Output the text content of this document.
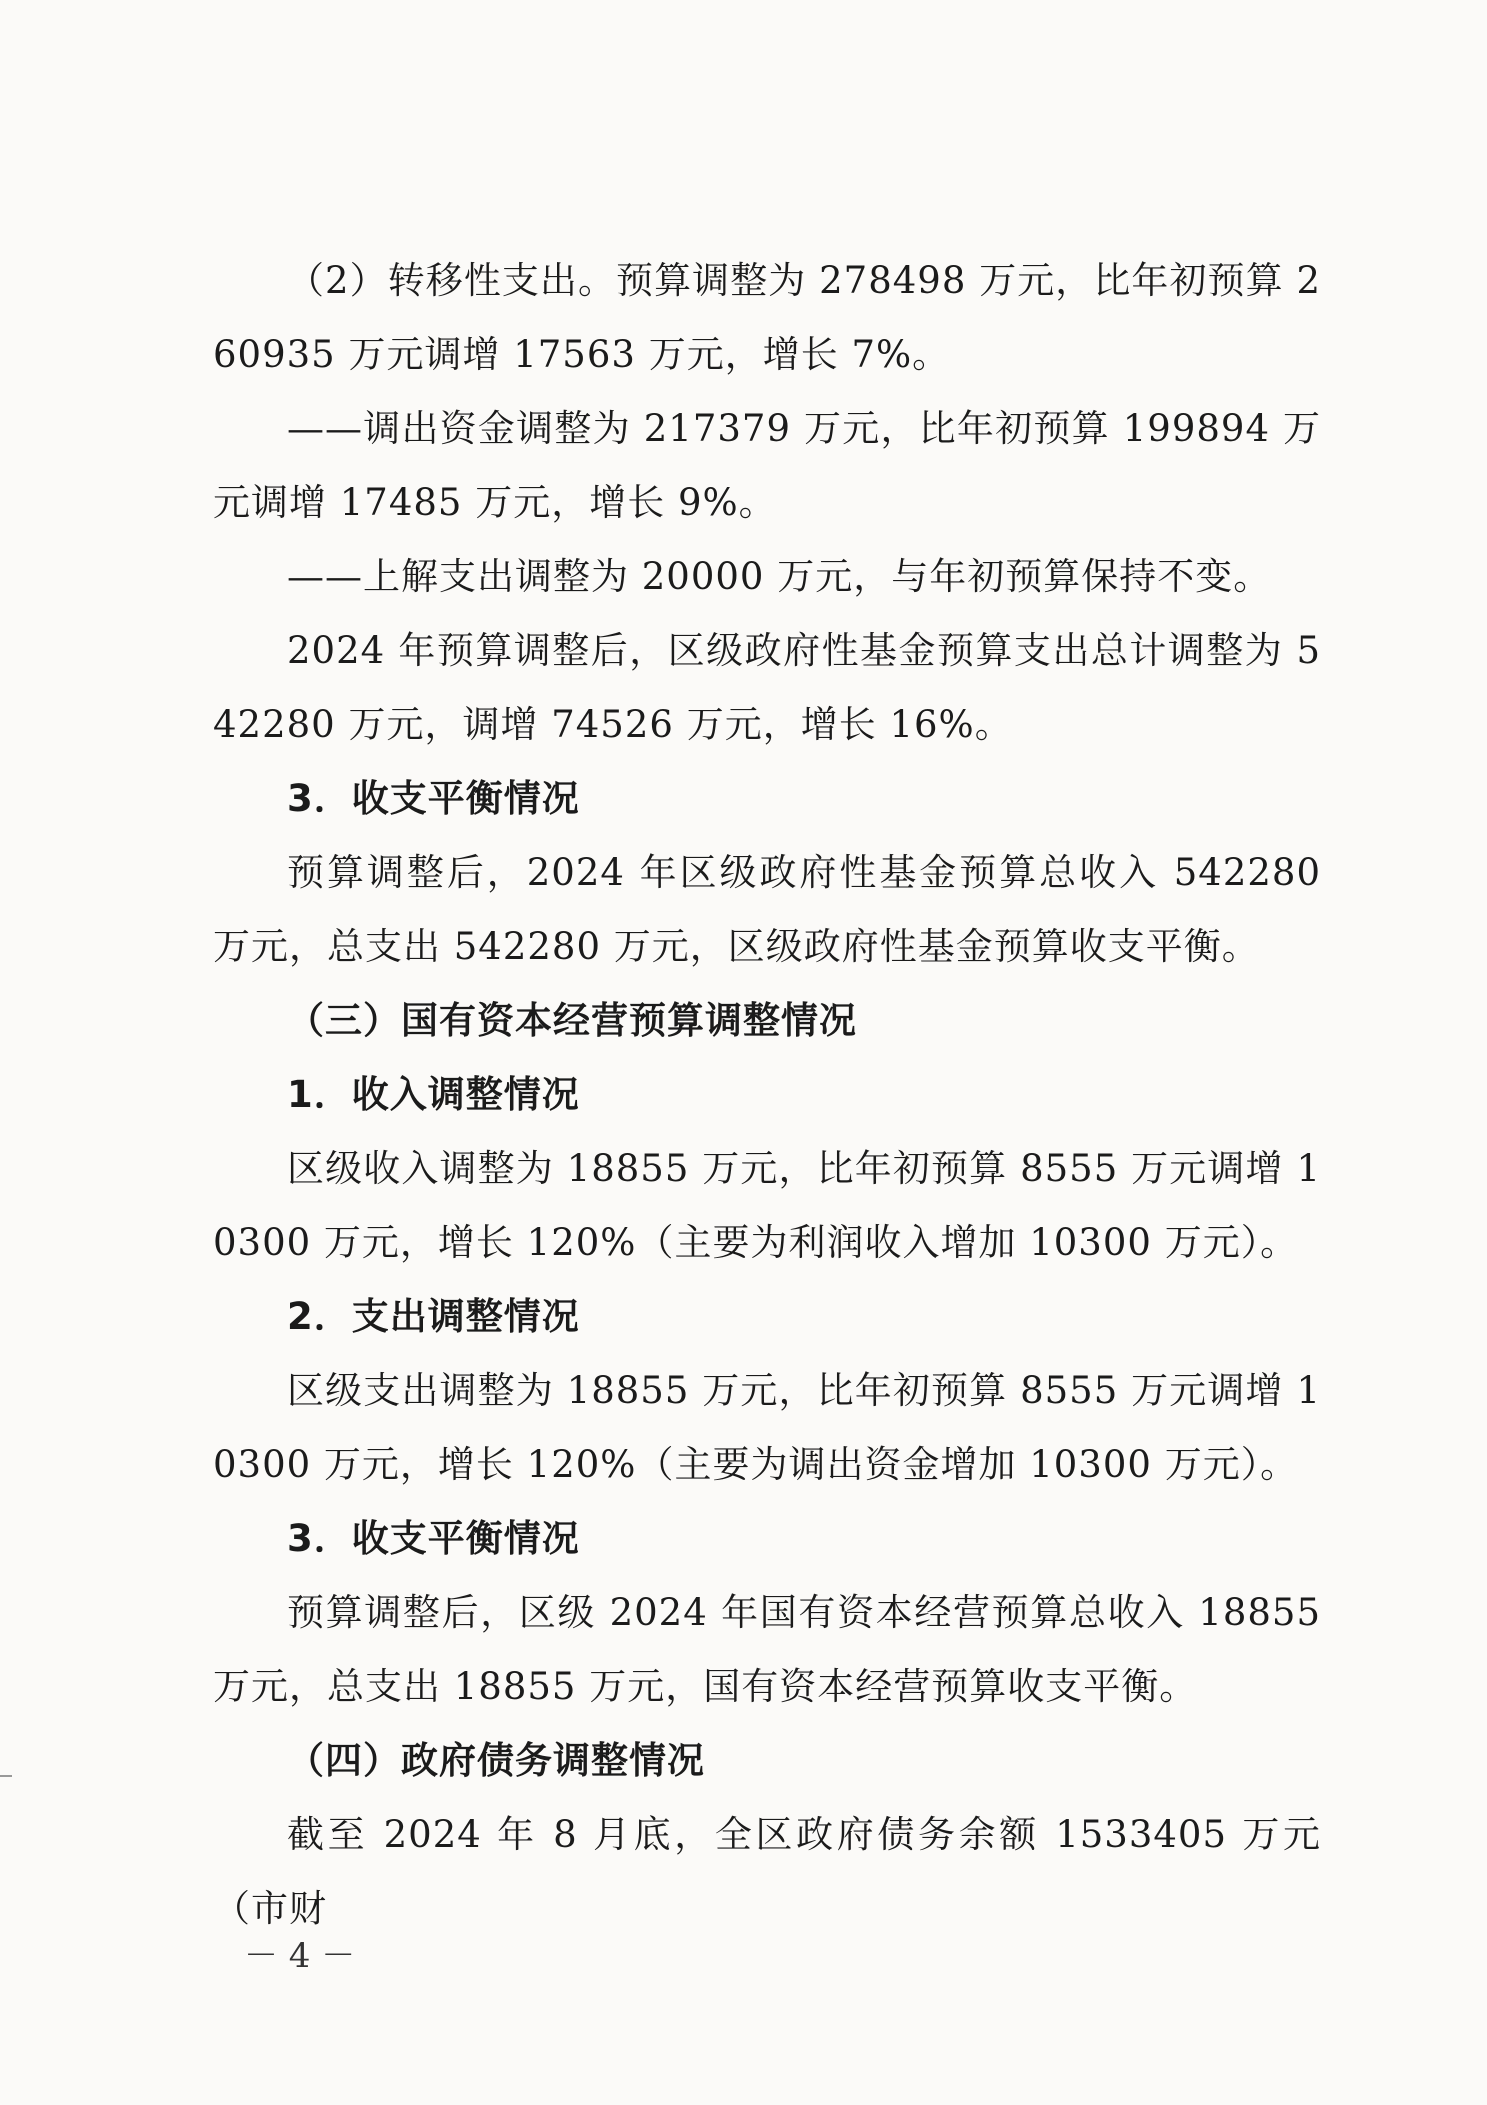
（2）转移性支出。预算调整为 278498 万元，比年初预算 260935 万元调增 17563 万元，增长 7%。

——调出资金调整为 217379 万元，比年初预算 199894 万元调增 17485 万元，增长 9%。

——上解支出调整为 20000 万元，与年初预算保持不变。

2024 年预算调整后，区级政府性基金预算支出总计调整为 542280 万元，调增 74526 万元，增长 16%。

3．收支平衡情况

预算调整后，2024 年区级政府性基金预算总收入 542280 万元，总支出 542280 万元，区级政府性基金预算收支平衡。

（三）国有资本经营预算调整情况

1．收入调整情况

区级收入调整为 18855 万元，比年初预算 8555 万元调增 10300 万元，增长 120%（主要为利润收入增加 10300 万元）。

2．支出调整情况

区级支出调整为 18855 万元，比年初预算 8555 万元调增 10300 万元，增长 120%（主要为调出资金增加 10300 万元）。

3．收支平衡情况

预算调整后，区级 2024 年国有资本经营预算总收入 18855 万元，总支出 18855 万元，国有资本经营预算收支平衡。

（四）政府债务调整情况

截至 2024 年 8 月底，全区政府债务余额 1533405 万元（市财

－ 4 －
